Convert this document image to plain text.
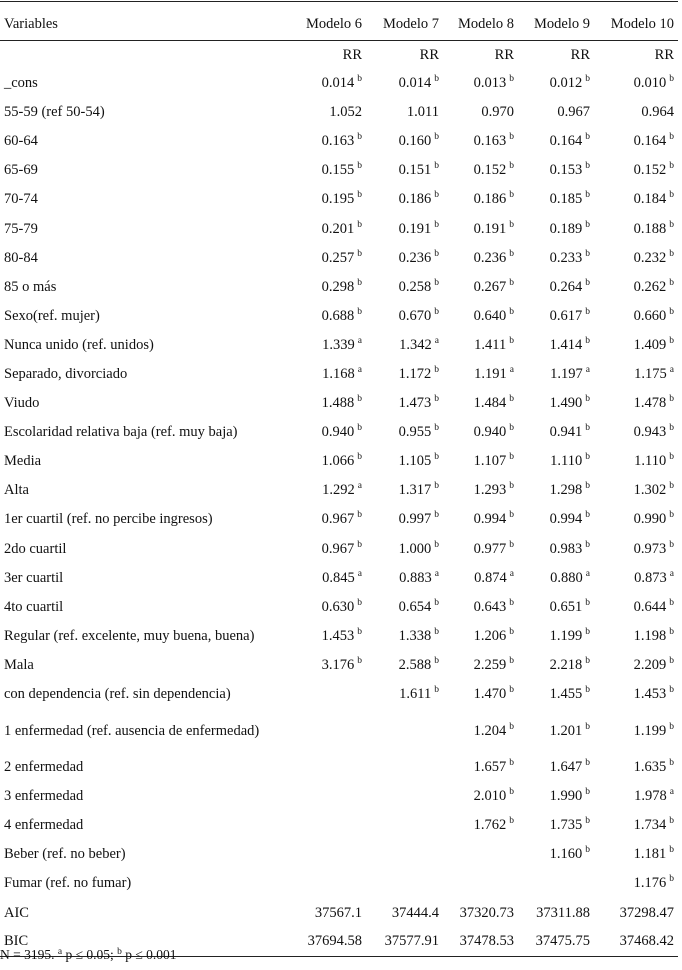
Variables	Modelo 6	Modelo 7	Modelo 8	Modelo 9	Modelo 10
	RR	RR	RR	RR	RR
_cons	0.014 $^b$	0.014 $^b$	0.013 $^b$	0.012 $^b$	0.010 $^b$
55-59 (ref 50-54)	1.052	1.011	0.970	0.967	0.964
60-64	0.163 $^b$	0.160 $^b$	0.163 $^b$	0.164 $^b$	0.164 $^b$
65-69	0.155 $^b$	0.151 $^b$	0.152 $^b$	0.153 $^b$	0.152 $^b$
70-74	0.195 $^b$	0.186 $^b$	0.186 $^b$	0.185 $^b$	0.184 $^b$
75-79	0.201 $^b$	0.191 $^b$	0.191 $^b$	0.189 $^b$	0.188 $^b$
80-84	0.257 $^b$	0.236 $^b$	0.236 $^b$	0.233 $^b$	0.232 $^b$
85 o más	0.298 $^b$	0.258 $^b$	0.267 $^b$	0.264 $^b$	0.262 $^b$
Sexo(ref. mujer)	0.688 $^b$	0.670 $^b$	0.640 $^b$	0.617 $^b$	0.660 $^b$
Nunca unido (ref. unidos)	1.339 $^a$	1.342 $^a$	1.411 $^b$	1.414 $^b$	1.409 $^b$
Separado, divorciado	1.168 $^a$	1.172 $^b$	1.191 $^a$	1.197 $^a$	1.175 $^a$
Viudo	1.488 $^b$	1.473 $^b$	1.484 $^b$	1.490 $^b$	1.478 $^b$
Escolaridad relativa baja (ref. muy baja)	0.940 $^b$	0.955 $^b$	0.940 $^b$	0.941 $^b$	0.943 $^b$
Media	1.066 $^b$	1.105 $^b$	1.107 $^b$	1.110 $^b$	1.110 $^b$
Alta	1.292 $^a$	1.317 $^b$	1.293 $^b$	1.298 $^b$	1.302 $^b$
1er cuartil (ref. no percibe ingresos)	0.967 $^b$	0.997 $^b$	0.994 $^b$	0.994 $^b$	0.990 $^b$
2do cuartil	0.967 $^b$	1.000 $^b$	0.977 $^b$	0.983 $^b$	0.973 $^b$
3er cuartil	0.845 $^a$	0.883 $^a$	0.874 $^a$	0.880 $^a$	0.873 $^a$
4to cuartil	0.630 $^b$	0.654 $^b$	0.643 $^b$	0.651 $^b$	0.644 $^b$
Regular (ref. excelente, muy buena, buena)	1.453 $^b$	1.338 $^b$	1.206 $^b$	1.199 $^b$	1.198 $^b$
Mala	3.176 $^b$	2.588 $^b$	2.259 $^b$	2.218 $^b$	2.209 $^b$
con dependencia (ref. sin dependencia)		1.611 $^b$	1.470 $^b$	1.455 $^b$	1.453 $^b$
1 enfermedad (ref. ausencia de enfermedad)			1.204 $^b$	1.201 $^b$	1.199 $^b$
2 enfermedad			1.657 $^b$	1.647 $^b$	1.635 $^b$
3 enfermedad			2.010 $^b$	1.990 $^b$	1.978 $^a$
4 enfermedad			1.762 $^b$	1.735 $^b$	1.734 $^b$
Beber (ref. no beber)				1.160 $^b$	1.181 $^b$
Fumar (ref. no fumar)					1.176 $^b$
AIC	37567.1	37444.4	37320.73	37311.88	37298.47
BIC	37694.58	37577.91	37478.53	37475.75	37468.42
N = 3195. $^a$ p ≤ 0.05; $^b$ p ≤ 0.001
